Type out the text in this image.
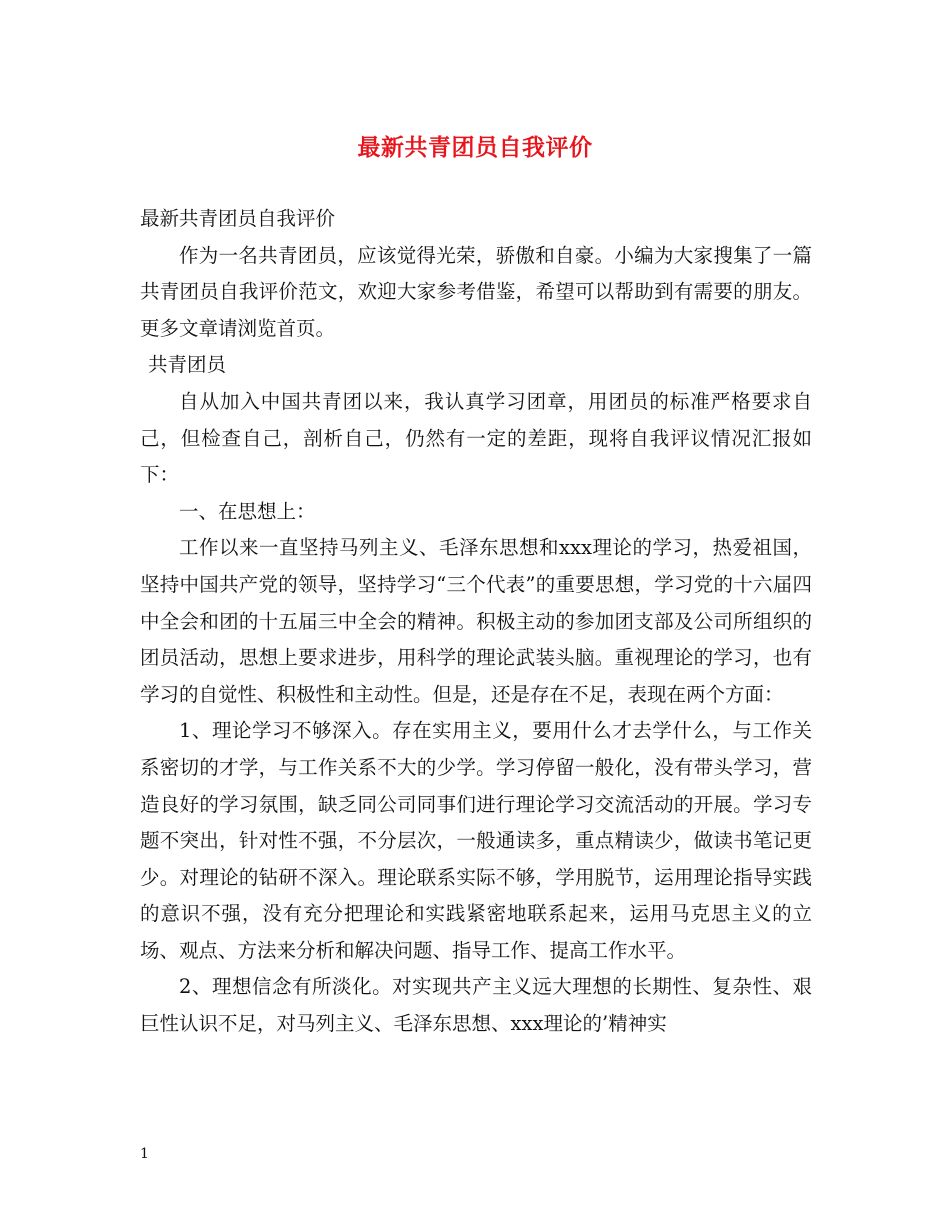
最新共青团员自我评价

最新共青团员自我评价

作为一名共青团员，应该觉得光荣，骄傲和自豪。小编为大家搜集了一篇共青团员自我评价范文，欢迎大家参考借鉴，希望可以帮助到有需要的朋友。更多文章请浏览首页。

共青团员

自从加入中国共青团以来，我认真学习团章，用团员的标准严格要求自己，但检查自己，剖析自己，仍然有一定的差距，现将自我评议情况汇报如下：

一、在思想上：

工作以来一直坚持马列主义、毛泽东思想和xxx理论的学习，热爱祖国，坚持中国共产党的领导，坚持学习“三个代表”的重要思想，学习党的十六届四中全会和团的十五届三中全会的精神。积极主动的参加团支部及公司所组织的团员活动，思想上要求进步，用科学的理论武装头脑。重视理论的学习，也有学习的自觉性、积极性和主动性。但是，还是存在不足，表现在两个方面：

1、理论学习不够深入。存在实用主义，要用什么才去学什么，与工作关系密切的才学，与工作关系不大的少学。学习停留一般化，没有带头学习，营造良好的学习氛围，缺乏同公司同事们进行理论学习交流活动的开展。学习专题不突出，针对性不强，不分层次，一般通读多，重点精读少，做读书笔记更少。对理论的钻研不深入。理论联系实际不够，学用脱节，运用理论指导实践的意识不强，没有充分把理论和实践紧密地联系起来，运用马克思主义的立场、观点、方法来分析和解决问题、指导工作、提高工作水平。

2、理想信念有所淡化。对实现共产主义远大理想的长期性、复杂性、艰巨性认识不足，对马列主义、毛泽东思想、xxx理论的’精神实

1
